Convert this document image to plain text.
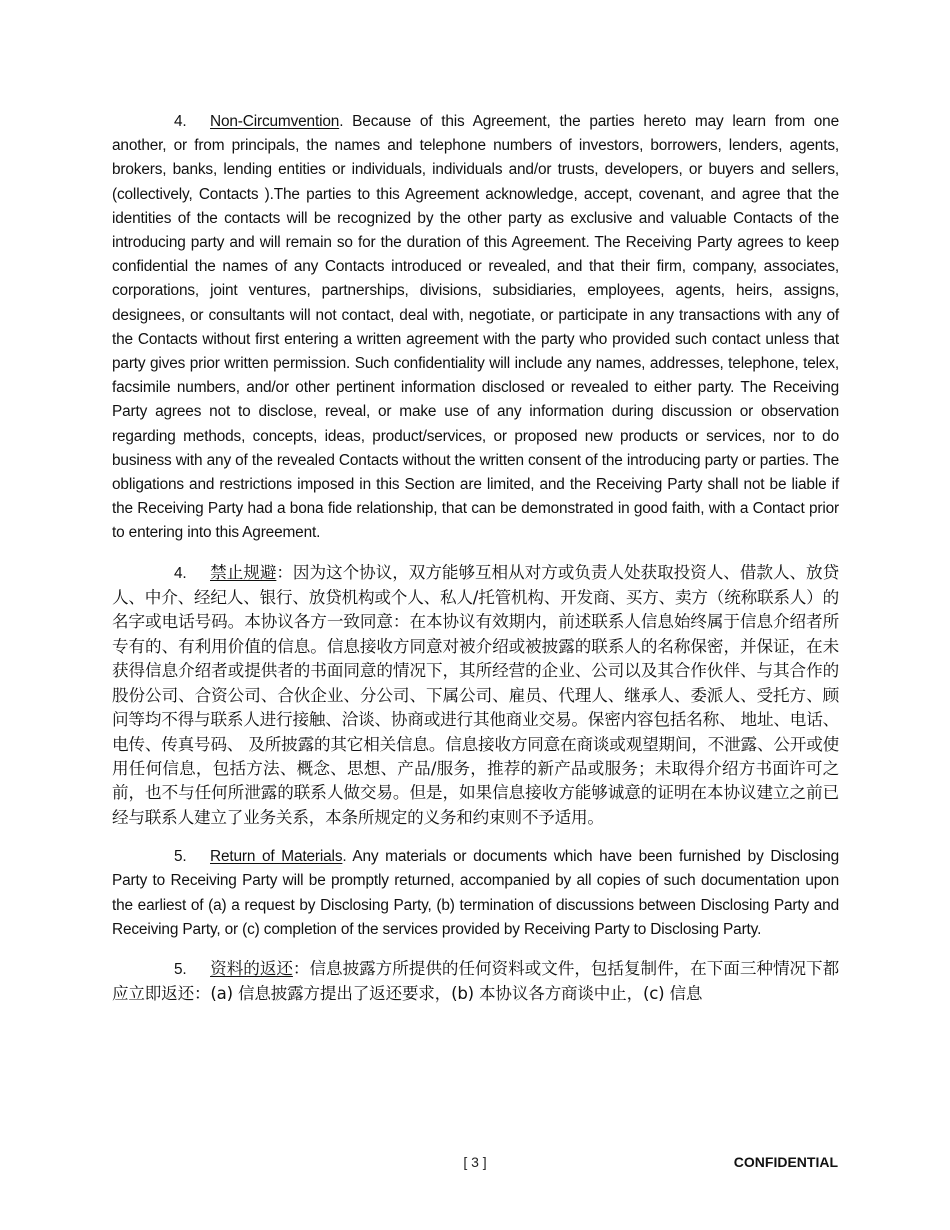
4. Non-Circumvention. Because of this Agreement, the parties hereto may learn from one another, or from principals, the names and telephone numbers of investors, borrowers, lenders, agents, brokers, banks, lending entities or individuals, individuals and/or trusts, developers, or buyers and sellers, (collectively, Contacts ).The parties to this Agreement acknowledge, accept, covenant, and agree that the identities of the contacts will be recognized by the other party as exclusive and valuable Contacts of the introducing party and will remain so for the duration of this Agreement. The Receiving Party agrees to keep confidential the names of any Contacts introduced or revealed, and that their firm, company, associates, corporations, joint ventures, partnerships, divisions, subsidiaries, employees, agents, heirs, assigns, designees, or consultants will not contact, deal with, negotiate, or participate in any transactions with any of the Contacts without first entering a written agreement with the party who provided such contact unless that party gives prior written permission. Such confidentiality will include any names, addresses, telephone, telex, facsimile numbers, and/or other pertinent information disclosed or revealed to either party. The Receiving Party agrees not to disclose, reveal, or make use of any information during discussion or observation regarding methods, concepts, ideas, product/services, or proposed new products or services, nor to do business with any of the revealed Contacts without the written consent of the introducing party or parties. The obligations and restrictions imposed in this Section are limited, and the Receiving Party shall not be liable if the Receiving Party had a bona fide relationship, that can be demonstrated in good faith, with a Contact prior to entering into this Agreement.

4. 禁止规避：因为这个协议，双方能够互相从对方或负责人处获取投资人、借款人、放贷人、中介、经纪人、银行、放贷机构或个人、私人/托管机构、开发商、买方、卖方（统称联系人）的名字或电话号码。本协议各方一致同意：在本协议有效期内，前述联系人信息始终属于信息介绍者所专有的、有利用价值的信息。信息接收方同意对被介绍或被披露的联系人的名称保密，并保证，在未获得信息介绍者或提供者的书面同意的情况下，其所经营的企业、公司以及其合作伙伴、与其合作的股份公司、合资公司、合伙企业、分公司、下属公司、雇员、代理人、继承人、委派人、受托方、顾问等均不得与联系人进行接触、洽谈、协商或进行其他商业交易。保密内容包括名称、 地址、电话、电传、传真号码、 及所披露的其它相关信息。信息接收方同意在商谈或观望期间，不泄露、公开或使用任何信息，包括方法、概念、思想、产品/服务，推荐的新产品或服务；未取得介绍方书面许可之前，也不与任何所泄露的联系人做交易。但是，如果信息接收方能够诚意的证明在本协议建立之前已经与联系人建立了业务关系，本条所规定的义务和约束则不予适用。

5. Return of Materials. Any materials or documents which have been furnished by Disclosing Party to Receiving Party will be promptly returned, accompanied by all copies of such documentation upon the earliest of (a) a request by Disclosing Party, (b) termination of discussions between Disclosing Party and Receiving Party, or (c) completion of the services provided by Receiving Party to Disclosing Party.

5. 资料的返还：信息披露方所提供的任何资料或文件，包括复制件，在下面三种情况下都应立即返还：(a) 信息披露方提出了返还要求，(b) 本协议各方商谈中止，(c) 信息

[ 3 ]	CONFIDENTIAL
